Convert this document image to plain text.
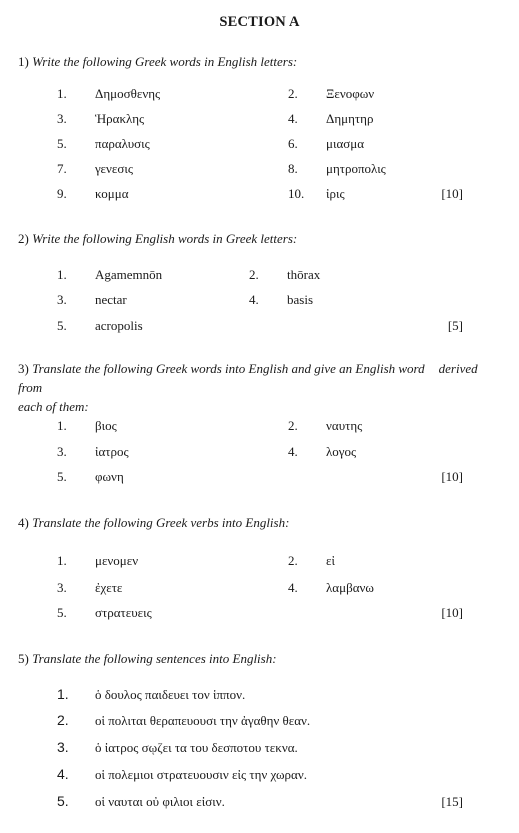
SECTION A
1) Write the following Greek words in English letters:
1. Δημοσθενης	2. Ξενοφων
3. Ἡρακλης	4. Δημητηρ
5. παραλυσις	6. μιασμα
7. γενεσις	8. μητροπολις
9. κομμα	10. ἰρις	[10]
2) Write the following English words in Greek letters:
1. Agamemnōn	2. thōrax
3. nectar	4. basis
5. acropolis	[5]
3) Translate the following Greek words into English and give an English word derived from
each of them:
1. βιος	2. ναυτης
3. ἰατρος	4. λογος
5. φωνη	[10]
4) Translate the following Greek verbs into English:
1. μενομεν	2. εἰ
3. ἐχετε	4. λαμβανω
5. στρατευεις	[10]
5) Translate the following sentences into English:
1. ὁ δουλος παιδευει τον ἱππον.
2. οἱ πολιται θεραπευουσι την ἀγαθην θεαν.
3. ὁ ἰατρος σῳζει τα του δεσποτου τεκνα.
4. οἱ πολεμιοι στρατευουσιν εἰς την χωραν.
5. οἱ ναυται οὐ φιλιοι εἰσιν.	[15]
